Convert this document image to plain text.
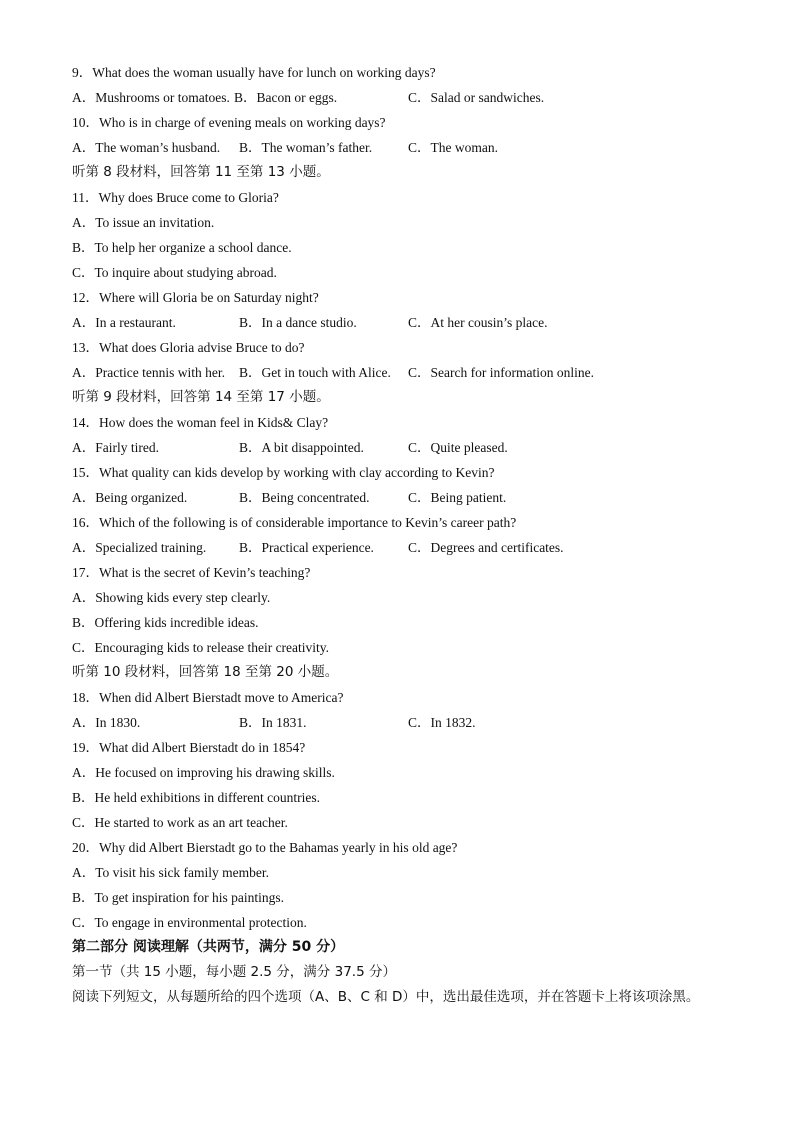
9．What does the woman usually have for lunch on working days?
A．Mushrooms or tomatoes. B．Bacon or eggs.	C．Salad or sandwiches.
10．Who is in charge of evening meals on working days?
A．The woman’s husband. B．The woman’s father.	C．The woman.
听第 8 段材料，回答第 11 至第 13 小题。
11．Why does Bruce come to Gloria?
A．To issue an invitation.
B．To help her organize a school dance.
C．To inquire about studying abroad.
12．Where will Gloria be on Saturday night?
A．In a restaurant.	B．In a dance studio.	C．At her cousin’s place.
13．What does Gloria advise Bruce to do?
A．Practice tennis with her. B．Get in touch with Alice. C．Search for information online.
听第 9 段材料，回答第 14 至第 17 小题。
14．How does the woman feel in Kids& Clay?
A．Fairly tired.	B．A bit disappointed.	C．Quite pleased.
15．What quality can kids develop by working with clay according to Kevin?
A．Being organized.	B．Being concentrated.	C．Being patient.
16．Which of the following is of considerable importance to Kevin’s career path?
A．Specialized training. B．Practical experience.	C．Degrees and certificates.
17．What is the secret of Kevin’s teaching?
A．Showing kids every step clearly.
B．Offering kids incredible ideas.
C．Encouraging kids to release their creativity.
听第 10 段材料，回答第 18 至第 20 小题。
18．When did Albert Bierstadt move to America?
A．In 1830.	B．In 1831.	C．In 1832.
19．What did Albert Bierstadt do in 1854?
A．He focused on improving his drawing skills.
B．He held exhibitions in different countries.
C．He started to work as an art teacher.
20．Why did Albert Bierstadt go to the Bahamas yearly in his old age?
A．To visit his sick family member.
B．To get inspiration for his paintings.
C．To engage in environmental protection.
第二部分 阅读理解（共两节，满分 50 分）
第一节（共 15 小题，每小题 2.5 分，满分 37.5 分）
阅读下列短文，从每题所给的四个选项（A、B、C 和 D）中，选出最佳选项，并在答题卡上将该项涂黑。
